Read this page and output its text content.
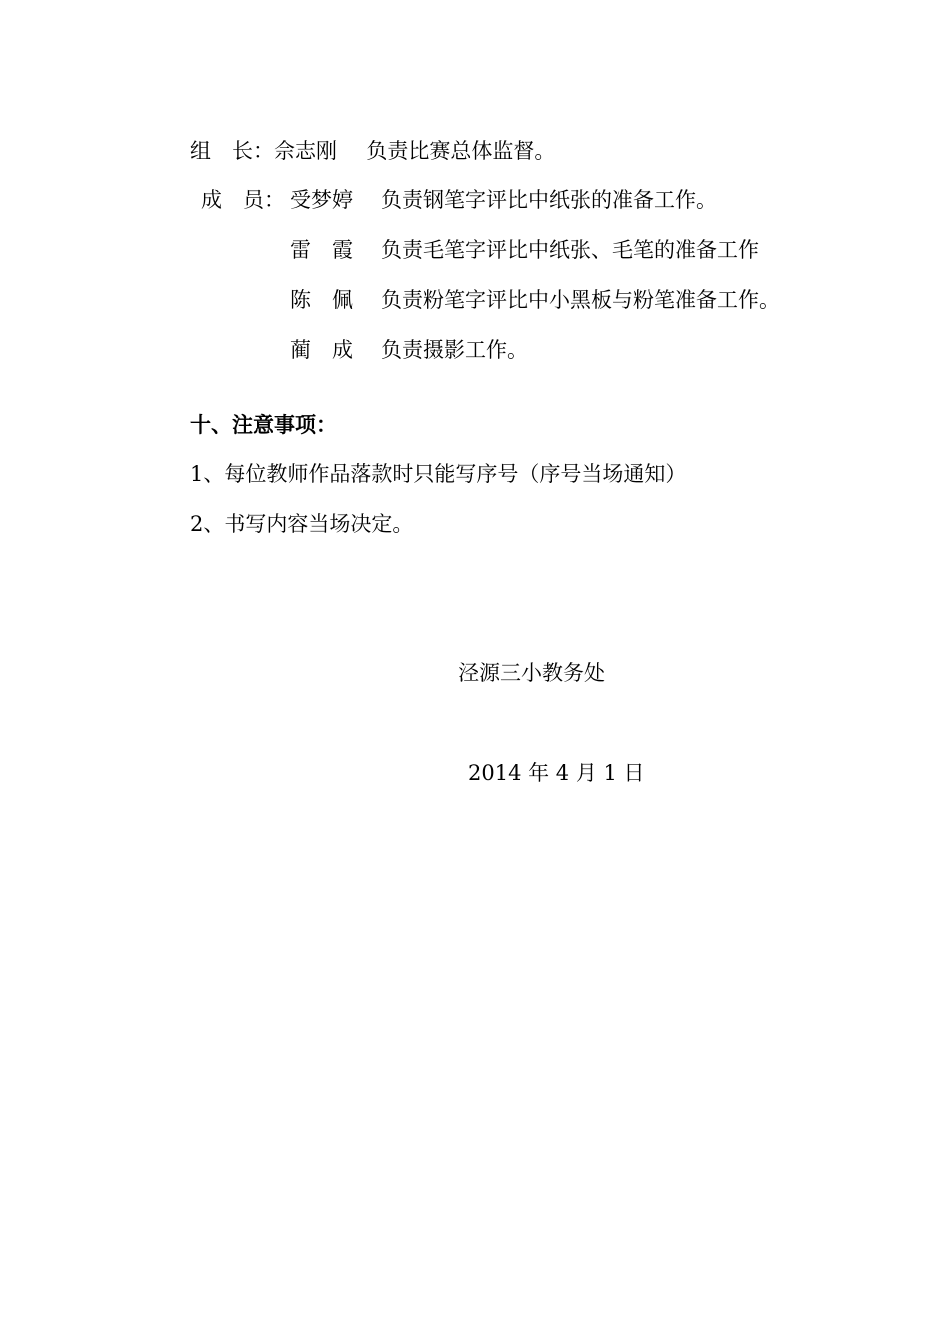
组　长：佘志刚 负责比赛总体监督。
成　员： 受梦婷 负责钢笔字评比中纸张的准备工作。
雷　霞 负责毛笔字评比中纸张、毛笔的准备工作
陈　佩 负责粉笔字评比中小黑板与粉笔准备工作。
蔺　成 负责摄影工作。
十、注意事项：
1、每位教师作品落款时只能写序号（序号当场通知）
2、书写内容当场决定。
泾源三小教务处
2014 年 4 月 1 日
